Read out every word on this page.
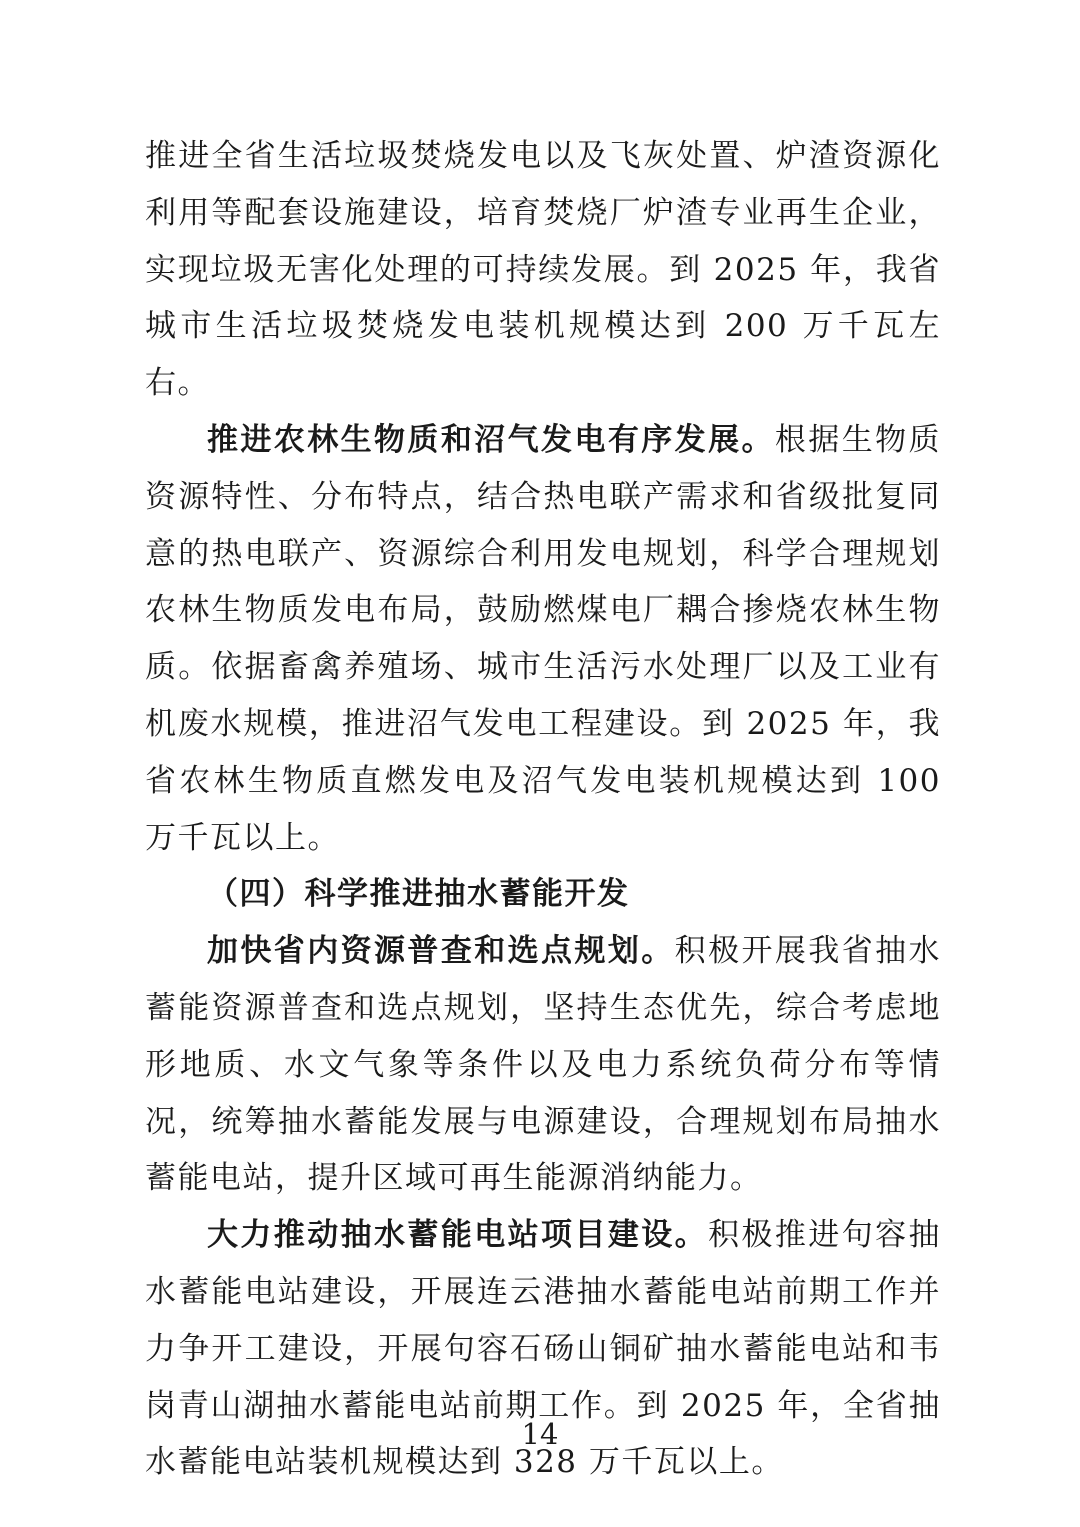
推进全省生活垃圾焚烧发电以及飞灰处置、炉渣资源化利用等配套设施建设，培育焚烧厂炉渣专业再生企业，实现垃圾无害化处理的可持续发展。到 2025 年，我省城市生活垃圾焚烧发电装机规模达到 200 万千瓦左右。

推进农林生物质和沼气发电有序发展。根据生物质资源特性、分布特点，结合热电联产需求和省级批复同意的热电联产、资源综合利用发电规划，科学合理规划农林生物质发电布局，鼓励燃煤电厂耦合掺烧农林生物质。依据畜禽养殖场、城市生活污水处理厂以及工业有机废水规模，推进沼气发电工程建设。到 2025 年，我省农林生物质直燃发电及沼气发电装机规模达到 100 万千瓦以上。

（四）科学推进抽水蓄能开发

加快省内资源普查和选点规划。积极开展我省抽水蓄能资源普查和选点规划，坚持生态优先，综合考虑地形地质、水文气象等条件以及电力系统负荷分布等情况，统筹抽水蓄能发展与电源建设，合理规划布局抽水蓄能电站，提升区域可再生能源消纳能力。

大力推动抽水蓄能电站项目建设。积极推进句容抽水蓄能电站建设，开展连云港抽水蓄能电站前期工作并力争开工建设，开展句容石砀山铜矿抽水蓄能电站和韦岗青山湖抽水蓄能电站前期工作。到 2025 年，全省抽水蓄能电站装机规模达到 328 万千瓦以上。

14
